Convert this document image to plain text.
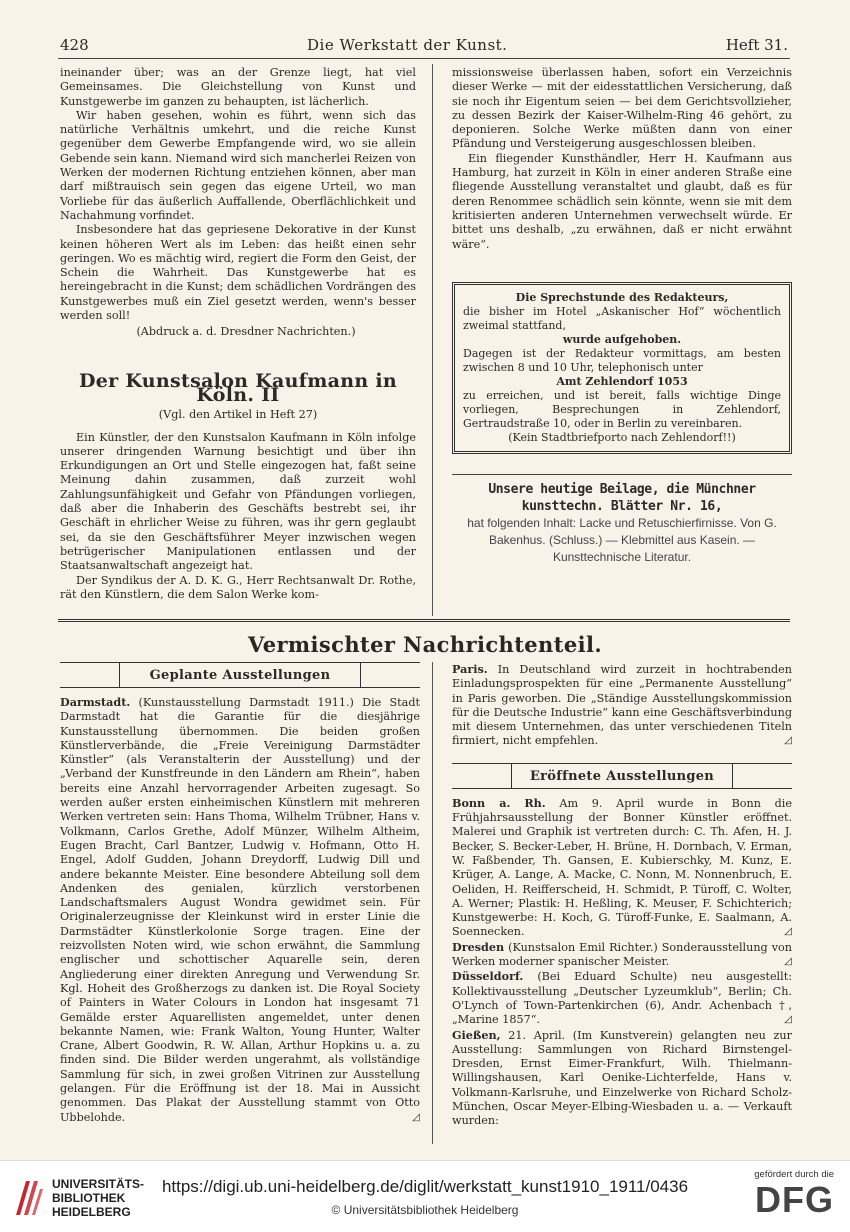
428	Die Werkstatt der Kunst.	Heft 31.

ineinander über; was an der Grenze liegt, hat viel Gemeinsames. Die Gleichstellung von Kunst und Kunstgewerbe im ganzen zu behaupten, ist lächerlich.

Wir haben gesehen, wohin es führt, wenn sich das natürliche Verhältnis umkehrt, und die reiche Kunst gegenüber dem Gewerbe Empfangende wird, wo sie allein Gebende sein kann. Niemand wird sich mancherlei Reizen von Werken der modernen Richtung entziehen können, aber man darf mißtrauisch sein gegen das eigene Urteil, wo man Vorliebe für das äußerlich Auffallende, Oberflächlichkeit und Nachahmung vorfindet.

Insbesondere hat das gepriesene Dekorative in der Kunst keinen höheren Wert als im Leben: das heißt einen sehr geringen. Wo es mächtig wird, regiert die Form den Geist, der Schein die Wahrheit. Das Kunstgewerbe hat es hereingebracht in die Kunst; dem schädlichen Vordrängen des Kunstgewerbes muß ein Ziel gesetzt werden, wenn's besser werden soll!

(Abdruck a. d. Dresdner Nachrichten.)

Der Kunstsalon Kaufmann in Köln. II
(Vgl. den Artikel in Heft 27)

Ein Künstler, der den Kunstsalon Kaufmann in Köln infolge unserer dringenden Warnung besichtigt und über ihn Erkundigungen an Ort und Stelle eingezogen hat, faßt seine Meinung dahin zusammen, daß zurzeit wohl Zahlungsunfähigkeit und Gefahr von Pfändungen vorliegen, daß aber die Inhaberin des Geschäfts bestrebt sei, ihr Geschäft in ehrlicher Weise zu führen, was ihr gern geglaubt sei, da sie den Geschäftsführer Meyer inzwischen wegen betrügerischer Manipulationen entlassen und der Staatsanwaltschaft angezeigt hat.

Der Syndikus der A. D. K. G., Herr Rechtsanwalt Dr. Rothe, rät den Künstlern, die dem Salon Werke kom-

missionsweise überlassen haben, sofort ein Verzeichnis dieser Werke — mit der eidesstattlichen Versicherung, daß sie noch ihr Eigentum seien — bei dem Gerichtsvollzieher, zu dessen Bezirk der Kaiser-Wilhelm-Ring 46 gehört, zu deponieren. Solche Werke müßten dann von einer Pfändung und Versteigerung ausgeschlossen bleiben.

Ein fliegender Kunsthändler, Herr H. Kaufmann aus Hamburg, hat zurzeit in Köln in einer anderen Straße eine fliegende Ausstellung veranstaltet und glaubt, daß es für deren Renommee schädlich sein könnte, wenn sie mit dem kritisierten anderen Unternehmen verwechselt würde. Er bittet uns deshalb, „zu erwähnen, daß er nicht erwähnt wäre“.

Die Sprechstunde des Redakteurs,
die bisher im Hotel „Askanischer Hof“ wöchentlich zweimal stattfand,
wurde aufgehoben.
Dagegen ist der Redakteur vormittags, am besten zwischen 8 und 10 Uhr, telephonisch unter
Amt Zehlendorf 1053
zu erreichen, und ist bereit, falls wichtige Dinge vorliegen, Besprechungen in Zehlendorf, Gertraudstraße 10, oder in Berlin zu vereinbaren.
(Kein Stadtbriefporto nach Zehlendorf!!)
Unsere heutige Beilage, die Münchner kunsttechn. Blätter Nr. 16,
hat folgenden Inhalt: Lacke und Retuschierfirnisse. Von G. Bakenhus. (Schluss.) — Klebmittel aus Kasein. — Kunsttechnische Literatur.
Vermischter Nachrichtenteil.
Geplante Ausstellungen

Darmstadt. (Kunstausstellung Darmstadt 1911.) Die Stadt Darmstadt hat die Garantie für die diesjährige Kunstausstellung übernommen. Die beiden großen Künstlerverbände, die „Freie Vereinigung Darmstädter Künstler“ (als Veranstalterin der Ausstellung) und der „Verband der Kunstfreunde in den Ländern am Rhein“, haben bereits eine Anzahl hervorragender Arbeiten zugesagt. So werden außer ersten einheimischen Künstlern mit mehreren Werken vertreten sein: Hans Thoma, Wilhelm Trübner, Hans v. Volkmann, Carlos Grethe, Adolf Münzer, Wilhelm Altheim, Eugen Bracht, Carl Bantzer, Ludwig v. Hofmann, Otto H. Engel, Adolf Gudden, Johann Dreydorff, Ludwig Dill und andere bekannte Meister. Eine besondere Abteilung soll dem Andenken des genialen, kürzlich verstorbenen Landschaftsmalers August Wondra gewidmet sein. Für Originalerzeugnisse der Kleinkunst wird in erster Linie die Darmstädter Künstlerkolonie Sorge tragen. Eine der reizvollsten Noten wird, wie schon erwähnt, die Sammlung englischer und schottischer Aquarelle sein, deren Angliederung einer direkten Anregung und Verwendung Sr. Kgl. Hoheit des Großherzogs zu danken ist. Die Royal Society of Painters in Water Colours in London hat insgesamt 71 Gemälde erster Aquarellisten angemeldet, unter denen bekannte Namen, wie: Frank Walton, Young Hunter, Walter Crane, Albert Goodwin, R. W. Allan, Arthur Hopkins u. a. zu finden sind. Die Bilder werden ungerahmt, als vollständige Sammlung für sich, in zwei großen Vitrinen zur Ausstellung gelangen. Für die Eröffnung ist der 18. Mai in Aussicht genommen. Das Plakat der Ausstellung stammt von Otto Ubbelohde.	◿

Paris. In Deutschland wird zurzeit in hochtrabenden Einladungsprospekten für eine „Permanente Ausstellung“ in Paris geworben. Die „Ständige Ausstellungskommission für die Deutsche Industrie“ kann eine Geschäftsverbindung mit diesem Unternehmen, das unter verschiedenen Titeln firmiert, nicht empfehlen.	◿

Eröffnete Ausstellungen

Bonn a. Rh. Am 9. April wurde in Bonn die Frühjahrsausstellung der Bonner Künstler eröffnet. Malerei und Graphik ist vertreten durch: C. Th. Afen, H. J. Becker, S. Becker-Leber, H. Brüne, H. Dornbach, V. Erman, W. Faßbender, Th. Gansen, E. Kubierschky, M. Kunz, E. Krüger, A. Lange, A. Macke, C. Nonn, M. Nonnenbruch, E. Oeliden, H. Reifferscheid, H. Schmidt, P. Türoff, C. Wolter, A. Werner; Plastik: H. Heßling, K. Meuser, F. Schichterich; Kunstgewerbe: H. Koch, G. Türoff-Funke, E. Saalmann, A. Soennecken.	◿

Dresden (Kunstsalon Emil Richter.) Sonderausstellung von Werken moderner spanischer Meister.	◿

Düsseldorf. (Bei Eduard Schulte) neu ausgestellt: Kollektivausstellung „Deutscher Lyzeumklub“, Berlin; Ch. O'Lynch of Town-Partenkirchen (6), Andr. Achenbach †, „Marine 1857“.	◿

Gießen, 21. April. (Im Kunstverein) gelangten neu zur Ausstellung: Sammlungen von Richard Birnstengel-Dresden, Ernst Eimer-Frankfurt, Wilh. Thielmann-Willingshausen, Karl Oenike-Lichterfelde, Hans v. Volkmann-Karlsruhe, und Einzelwerke von Richard Scholz-München, Oscar Meyer-Elbing-Wiesbaden u. a. — Verkauft wurden:

UNIVERSITÄTS-
BIBLIOTHEK
HEIDELBERG
https://digi.ub.uni-heidelberg.de/diglit/werkstatt_kunst1910_1911/0436
© Universitätsbibliothek Heidelberg
gefördert durch die
DFG
